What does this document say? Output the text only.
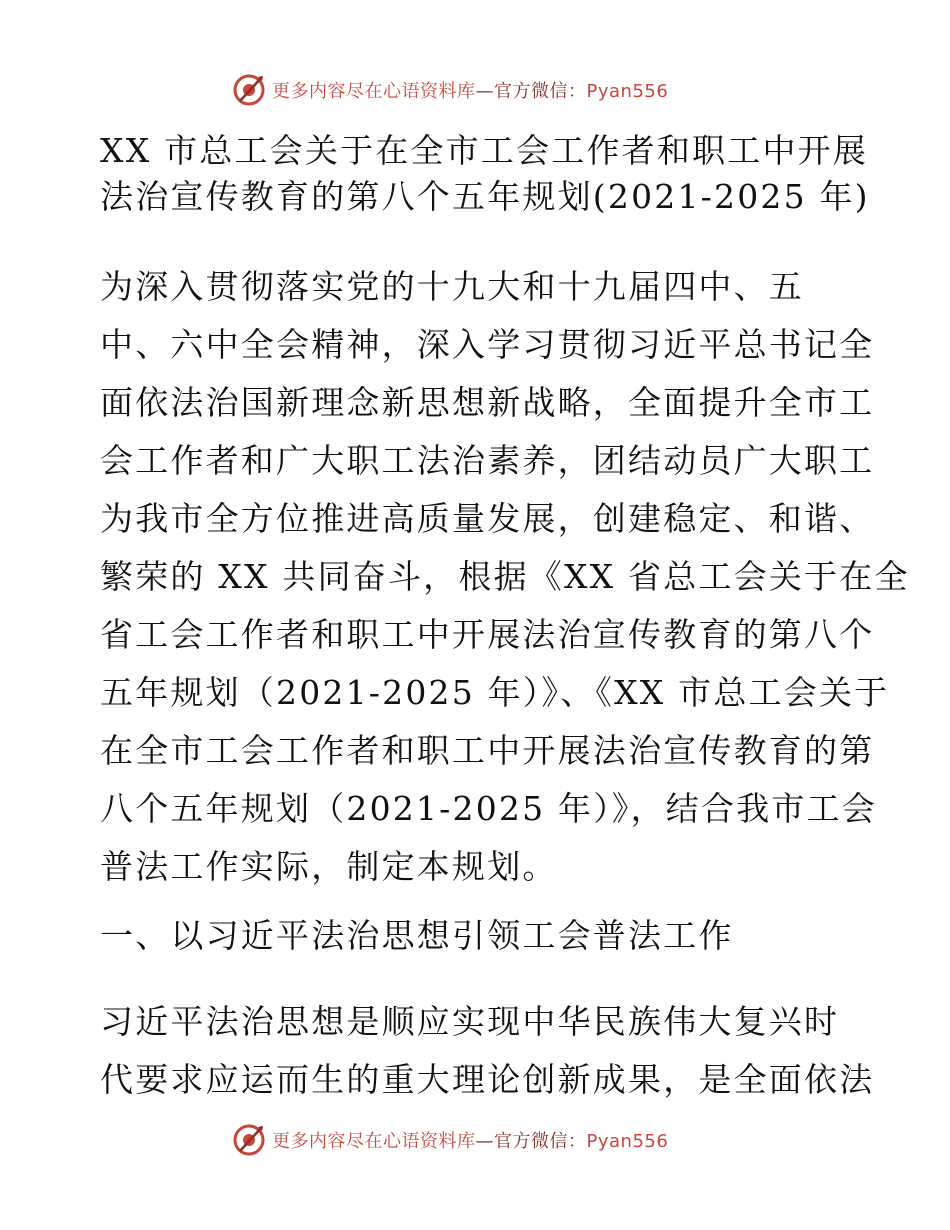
更多内容尽在心语资料库—官方微信：Pyan556
XX 市总工会关于在全市工会工作者和职工中开展
法治宣传教育的第八个五年规划(2021-2025 年)
为深入贯彻落实党的十九大和十九届四中、五
中、六中全会精神，深入学习贯彻习近平总书记全
面依法治国新理念新思想新战略，全面提升全市工
会工作者和广大职工法治素养，团结动员广大职工
为我市全方位推进高质量发展，创建稳定、和谐、
繁荣的 XX 共同奋斗，根据《XX 省总工会关于在全
省工会工作者和职工中开展法治宣传教育的第八个
五年规划（2021-2025 年）》、《XX 市总工会关于
在全市工会工作者和职工中开展法治宣传教育的第
八个五年规划（2021-2025 年）》，结合我市工会
普法工作实际，制定本规划。
一、以习近平法治思想引领工会普法工作
习近平法治思想是顺应实现中华民族伟大复兴时
代要求应运而生的重大理论创新成果，是全面依法
更多内容尽在心语资料库—官方微信：Pyan556
